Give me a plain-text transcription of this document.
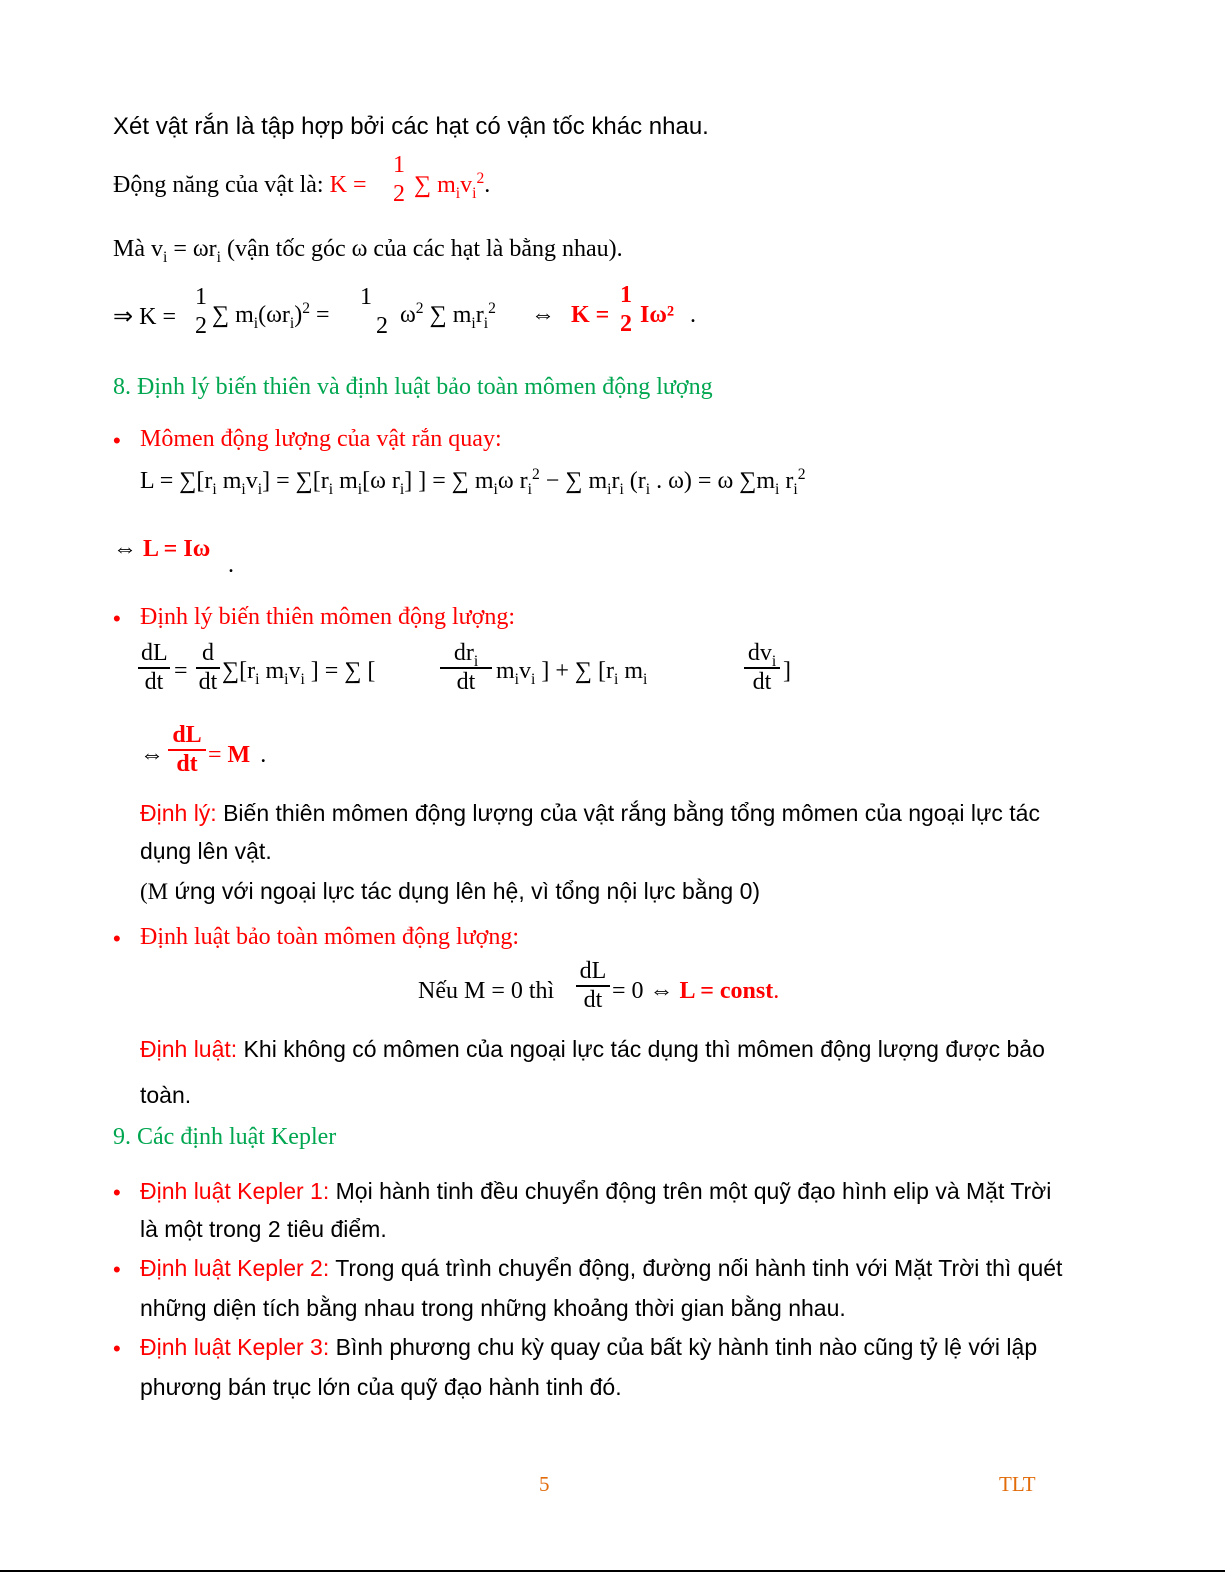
Xét vật rắn là tập hợp bởi các hạt có vận tốc khác nhau.
Động năng của vật là: K =
1
2 ∑ $m_iv_i^2$.
Mà $v_i = \omega r_i$ (vận tốc góc ω của các hạt là bằng nhau).
⇒ K =
1
2 ∑ $m_i(\omega r_i)^2$ =
1
2 $\omega^2$ ∑ $m_ir_i^2$ ⇔ K =
1
2 Iω² .
8. Định lý biến thiên và định luật bảo toàn mômen động lượng
• Mômen động lượng của vật rắn quay:
$L = \sum[r_i$ $m_iv_i] = \sum[r_i$ $m_i[\omega$ $r_i$] ] = ∑ $m_i\omega$ $r_i^2$ − ∑ $m_ir_i$ ($r_i$ . ω) = ω $\sum m_i$ $r_i^2$
⇔ L = Iω
.
• Định lý biến thiên mômen động lượng:
$\frac{dL}{dt} = \frac{d}{dt} \sum[r_i$ $m_iv_i$ ] = ∑ [
$dr_i$
dt $m_iv_i$ ] + ∑ [$r_i$ $m_i$
$dv_i$
dt ]
⇔ $\frac{dL}{dt} = M$ .
Định lý: Biến thiên mômen động lượng của vật rắng bằng tổng mômen của ngoại lực tác
dụng lên vật.
(M ứng với ngoại lực tác dụng lên hệ, vì tổng nội lực bằng 0)
• Định luật bảo toàn mômen động lượng:
Nếu M = 0 thì $\frac{dL}{dt} = 0$ ⇔ L = const.
Định luật: Khi không có mômen của ngoại lực tác dụng thì mômen động lượng được bảo
toàn.
9. Các định luật Kepler
• Định luật Kepler 1: Mọi hành tinh đều chuyển động trên một quỹ đạo hình elip và Mặt Trời
là một trong 2 tiêu điểm.
• Định luật Kepler 2: Trong quá trình chuyển động, đường nối hành tinh với Mặt Trời thì quét
những diện tích bằng nhau trong những khoảng thời gian bằng nhau.
• Định luật Kepler 3: Bình phương chu kỳ quay của bất kỳ hành tinh nào cũng tỷ lệ với lập
phương bán trục lớn của quỹ đạo hành tinh đó.
5	TLT
